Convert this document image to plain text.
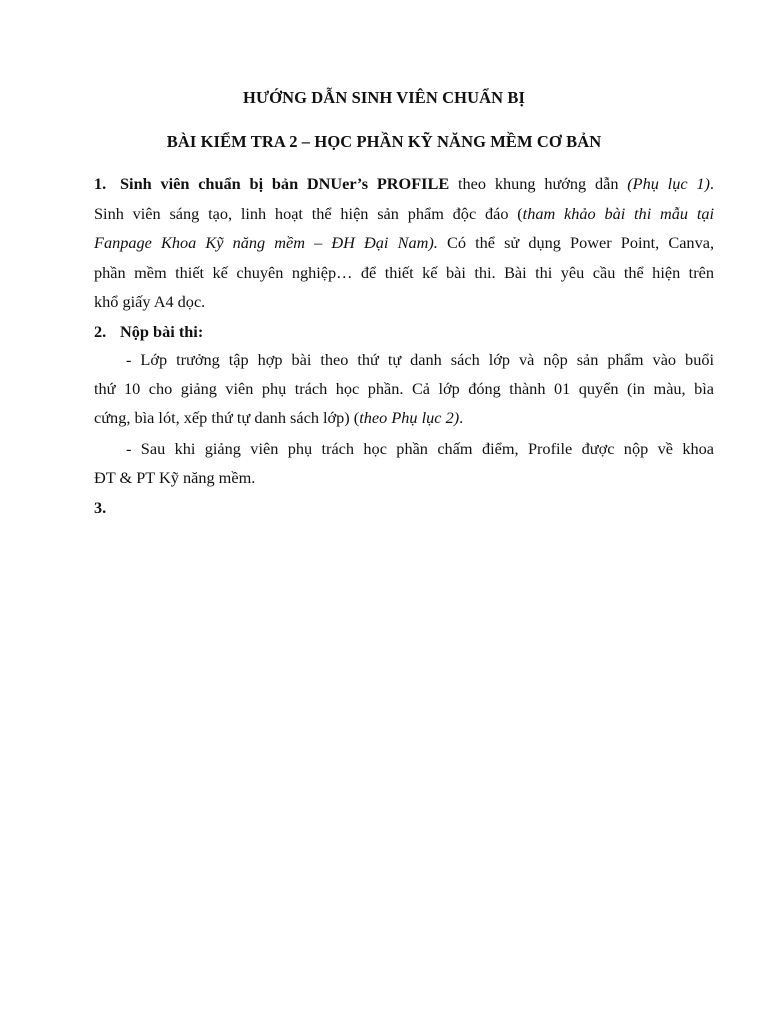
HƯỚNG DẪN SINH VIÊN CHUẨN BỊ
BÀI KIỂM TRA 2 – HỌC PHẦN KỸ NĂNG MỀM CƠ BẢN
1. Sinh viên chuẩn bị bản DNUer’s PROFILE theo khung hướng dẫn (Phụ lục 1).
Sinh viên sáng tạo, linh hoạt thể hiện sản phẩm độc đáo (tham khảo bài thi mẫu tại
Fanpage Khoa Kỹ năng mềm – ĐH Đại Nam). Có thể sử dụng Power Point, Canva,
phần mềm thiết kế chuyên nghiệp… để thiết kế bài thi. Bài thi yêu cầu thể hiện trên
khổ giấy A4 dọc.
2. Nộp bài thi:
- Lớp trưởng tập hợp bài theo thứ tự danh sách lớp và nộp sản phẩm vào buổi
thứ 10 cho giảng viên phụ trách học phần. Cả lớp đóng thành 01 quyển (in màu, bìa
cứng, bìa lót, xếp thứ tự danh sách lớp) (theo Phụ lục 2).
- Sau khi giảng viên phụ trách học phần chấm điểm, Profile được nộp về khoa
ĐT & PT Kỹ năng mềm.
3.
